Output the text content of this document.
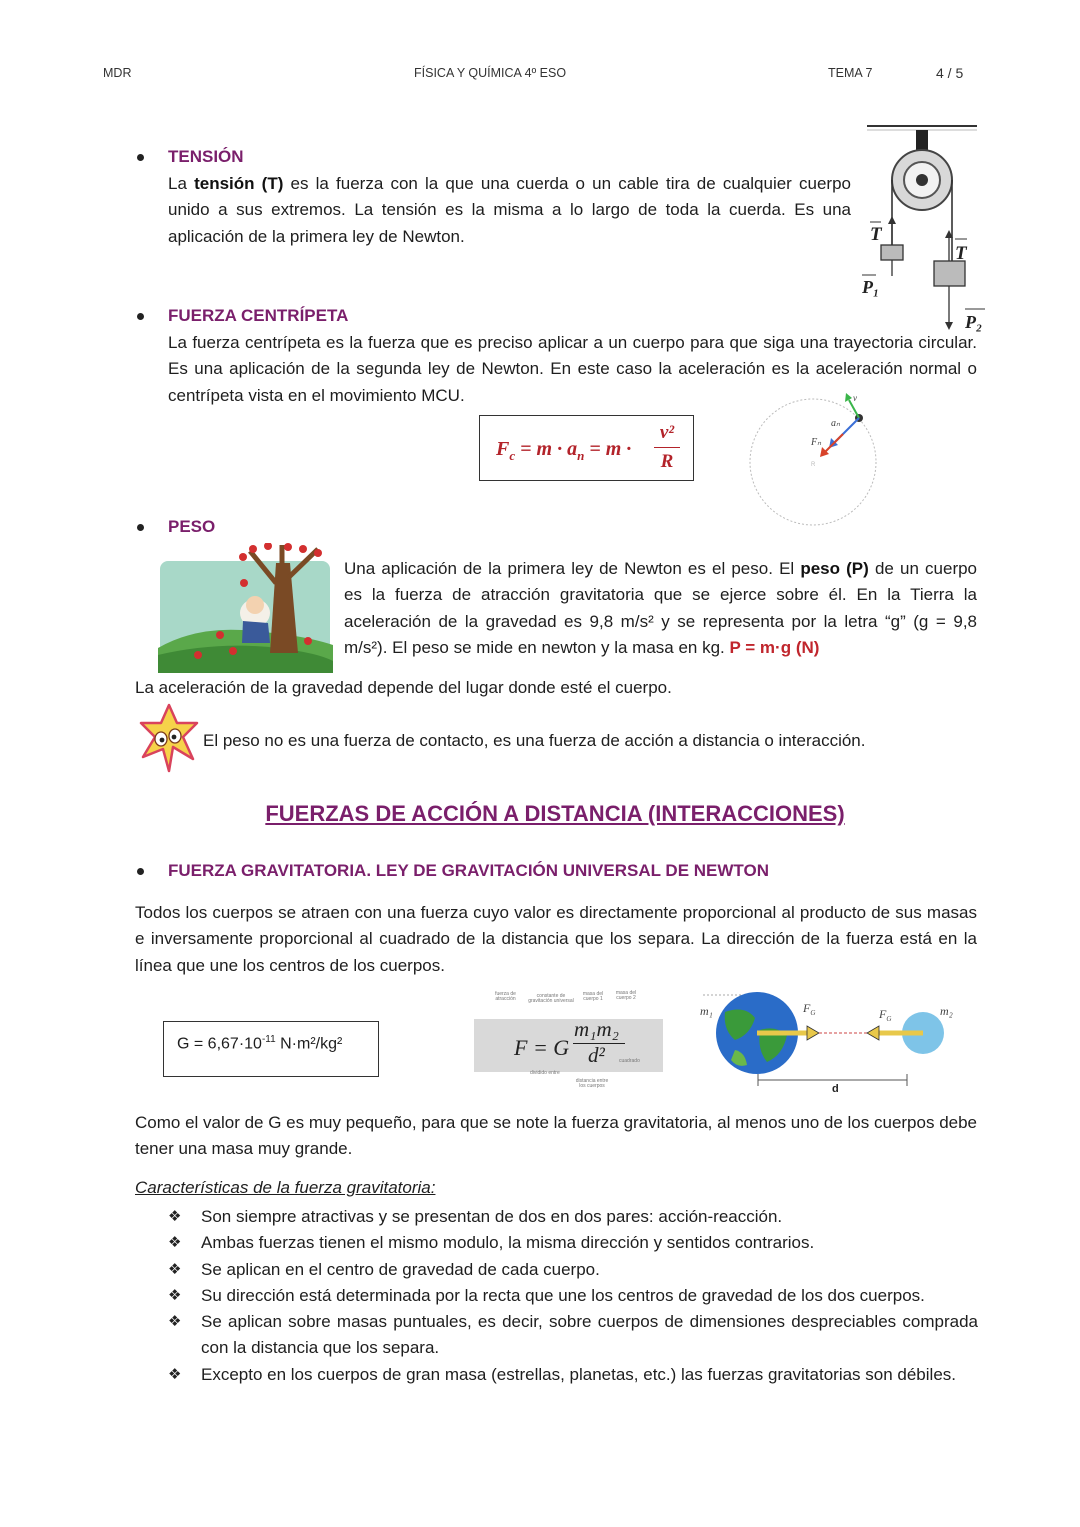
MDR	FÍSICA Y QUÍMICA 4º ESO	TEMA 7	4 / 5
TENSIÓN
La tensión (T) es la fuerza con la que una cuerda o un cable tira de cualquier cuerpo unido a sus extremos. La tensión es la misma a lo largo de toda la cuerda. Es una aplicación de la primera ley de Newton.	T
T
P₁
P₂
FUERZA CENTRÍPETA
La fuerza centrípeta es la fuerza que es preciso aplicar a un cuerpo para que siga una trayectoria circular. Es una aplicación de la segunda ley de Newton. En este caso la aceleración es la aceleración normal o centrípeta vista en el movimiento MCU.
$F_c = m \cdot a_n = m$ ·
v²
R
v
aₙ
Fₙ
R
PESO
Una aplicación de la primera ley de Newton es el peso. El peso (P) de un cuerpo es la fuerza de atracción gravitatoria que se ejerce sobre él. En la Tierra la aceleración de la gravedad es 9,8 m/s² y se representa por la letra “g” (g = 9,8 m/s²). El peso se mide en newton y la masa en kg. P = m·g (N)
La aceleración de la gravedad depende del lugar donde esté el cuerpo.
El peso no es una fuerza de contacto, es una fuerza de acción a distancia o interacción.
FUERZAS DE ACCIÓN A DISTANCIA (INTERACCIONES)
FUERZA GRAVITATORIA. LEY DE GRAVITACIÓN UNIVERSAL DE NEWTON
Todos los cuerpos se atraen con una fuerza cuyo valor es directamente proporcional al producto de sus masas e inversamente proporcional al cuadrado de la distancia que los separa. La dirección de la fuerza está en la línea que une los centros de los cuerpos.
$G = 6,67\cdot 10^{-11}$ N·m²/kg²
fuerza de atracción	constante de gravitación universal
masa del cuerpo 1
masa del cuerpo 2
F = G
m₁m₂
d²
dividido entre
cuadrado
distancia entre los cuerpos
m₁	m₂
$F_G$	$F_G$
d
Como el valor de G es muy pequeño, para que se note la fuerza gravitatoria, al menos uno de los cuerpos debe tener una masa muy grande.
Características de la fuerza gravitatoria:
❖ Son siempre atractivas y se presentan de dos en dos pares: acción-reacción.
❖ Ambas fuerzas tienen el mismo modulo, la misma dirección y sentidos contrarios.
❖ Se aplican en el centro de gravedad de cada cuerpo.
❖ Su dirección está determinada por la recta que une los centros de gravedad de los dos cuerpos.
❖ Se aplican sobre masas puntuales, es decir, sobre cuerpos de dimensiones despreciables comprada con la distancia que los separa.
❖ Excepto en los cuerpos de gran masa (estrellas, planetas, etc.) las fuerzas gravitatorias son débiles.
